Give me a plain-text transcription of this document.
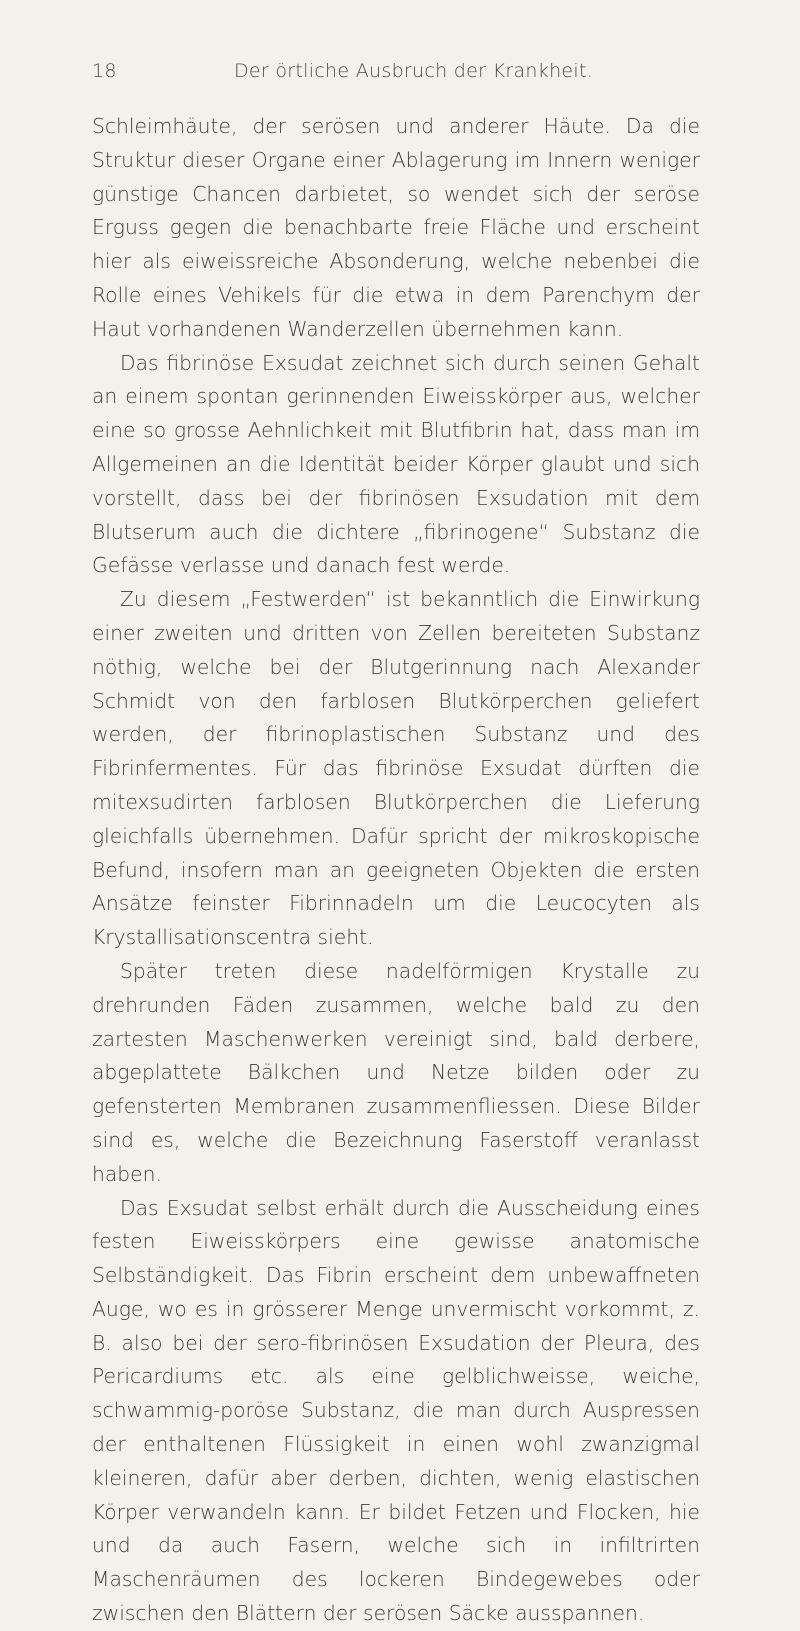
18	Der örtliche Ausbruch der Krankheit.

Schleimhäute, der serösen und anderer Häute. Da die Struktur dieser Organe einer Ablagerung im Innern weniger günstige Chancen darbietet, so wendet sich der seröse Erguss gegen die benachbarte freie Fläche und erscheint hier als eiweissreiche Absonderung, welche nebenbei die Rolle eines Vehikels für die etwa in dem Parenchym der Haut vorhandenen Wanderzellen übernehmen kann.

Das fibrinöse Exsudat zeichnet sich durch seinen Gehalt an einem spontan gerinnenden Eiweisskörper aus, welcher eine so grosse Aehnlichkeit mit Blutfibrin hat, dass man im Allgemeinen an die Identität beider Körper glaubt und sich vorstellt, dass bei der fibrinösen Exsudation mit dem Blutserum auch die dichtere „fibrinogene“ Substanz die Gefässe verlasse und danach fest werde.

Zu diesem „Festwerden“ ist bekanntlich die Einwirkung einer zweiten und dritten von Zellen bereiteten Substanz nöthig, welche bei der Blutgerinnung nach Alexander Schmidt von den farblosen Blutkörperchen geliefert werden, der fibrinoplastischen Substanz und des Fibrinfermentes. Für das fibrinöse Exsudat dürften die mitexsudirten farblosen Blutkörperchen die Lieferung gleichfalls übernehmen. Dafür spricht der mikroskopische Befund, insofern man an geeigneten Objekten die ersten Ansätze feinster Fibrinnadeln um die Leucocyten als Krystallisationscentra sieht.

Später treten diese nadelförmigen Krystalle zu drehrunden Fäden zusammen, welche bald zu den zartesten Maschenwerken vereinigt sind, bald derbere, abgeplattete Bälkchen und Netze bilden oder zu gefensterten Membranen zusammenfliessen. Diese Bilder sind es, welche die Bezeichnung Faserstoff veranlasst haben.

Das Exsudat selbst erhält durch die Ausscheidung eines festen Eiweisskörpers eine gewisse anatomische Selbständigkeit. Das Fibrin erscheint dem unbewaffneten Auge, wo es in grösserer Menge unvermischt vorkommt, z. B. also bei der sero-fibrinösen Exsudation der Pleura, des Pericardiums etc. als eine gelblichweisse, weiche, schwammig-poröse Substanz, die man durch Auspressen der enthaltenen Flüssigkeit in einen wohl zwanzigmal kleineren, dafür aber derben, dichten, wenig elastischen Körper verwandeln kann. Er bildet Fetzen und Flocken, hie und da auch Fasern, welche sich in infiltrirten Maschenräumen des lockeren Bindegewebes oder zwischen den Blättern der serösen Säcke ausspannen.
